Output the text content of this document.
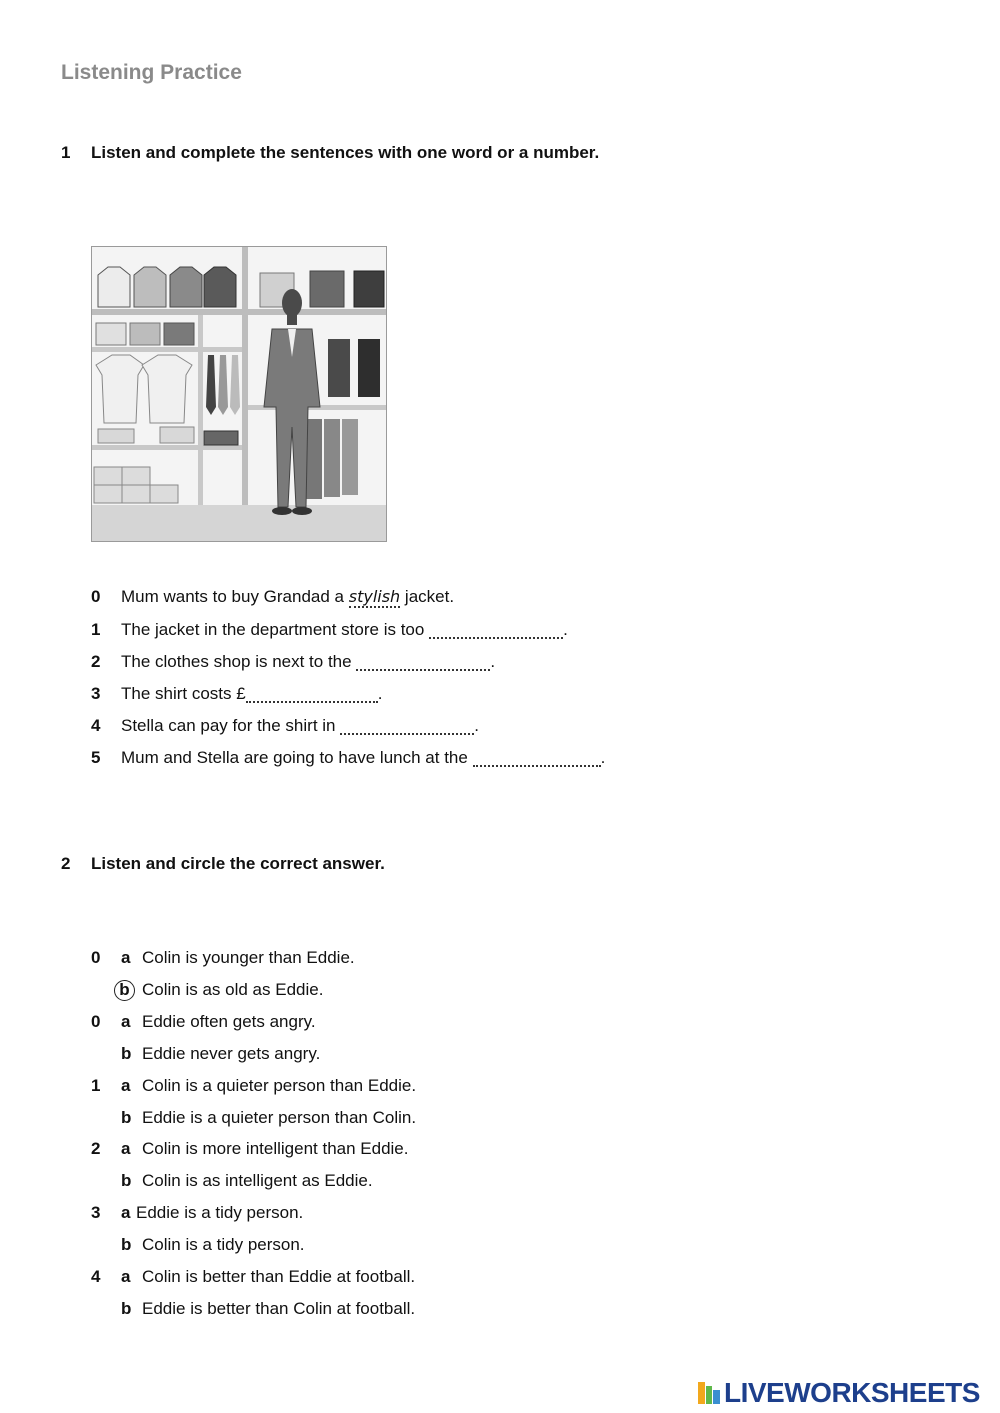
Listening Practice
1 Listen and complete the sentences with one word or a number.
0 Mum wants to buy Grandad a stylish jacket.
1 The jacket in the department store is too	.
2 The clothes shop is next to the	.
3 The shirt costs £	.
4 Stella can pay for the shirt in	.
5 Mum and Stella are going to have lunch at the	.
2 Listen and circle the correct answer.
0 a Colin is younger than Eddie.
b Colin is as old as Eddie.
0 a Eddie often gets angry.
b Eddie never gets angry.
1 a Colin is a quieter person than Eddie.
b Eddie is a quieter person than Colin.
2 a Colin is more intelligent than Eddie.
b Colin is as intelligent as Eddie.
3 a Eddie is a tidy person.
b Colin is a tidy person.
4 a Colin is better than Eddie at football.
b Eddie is better than Colin at football.
LIVEWORKSHEETS
